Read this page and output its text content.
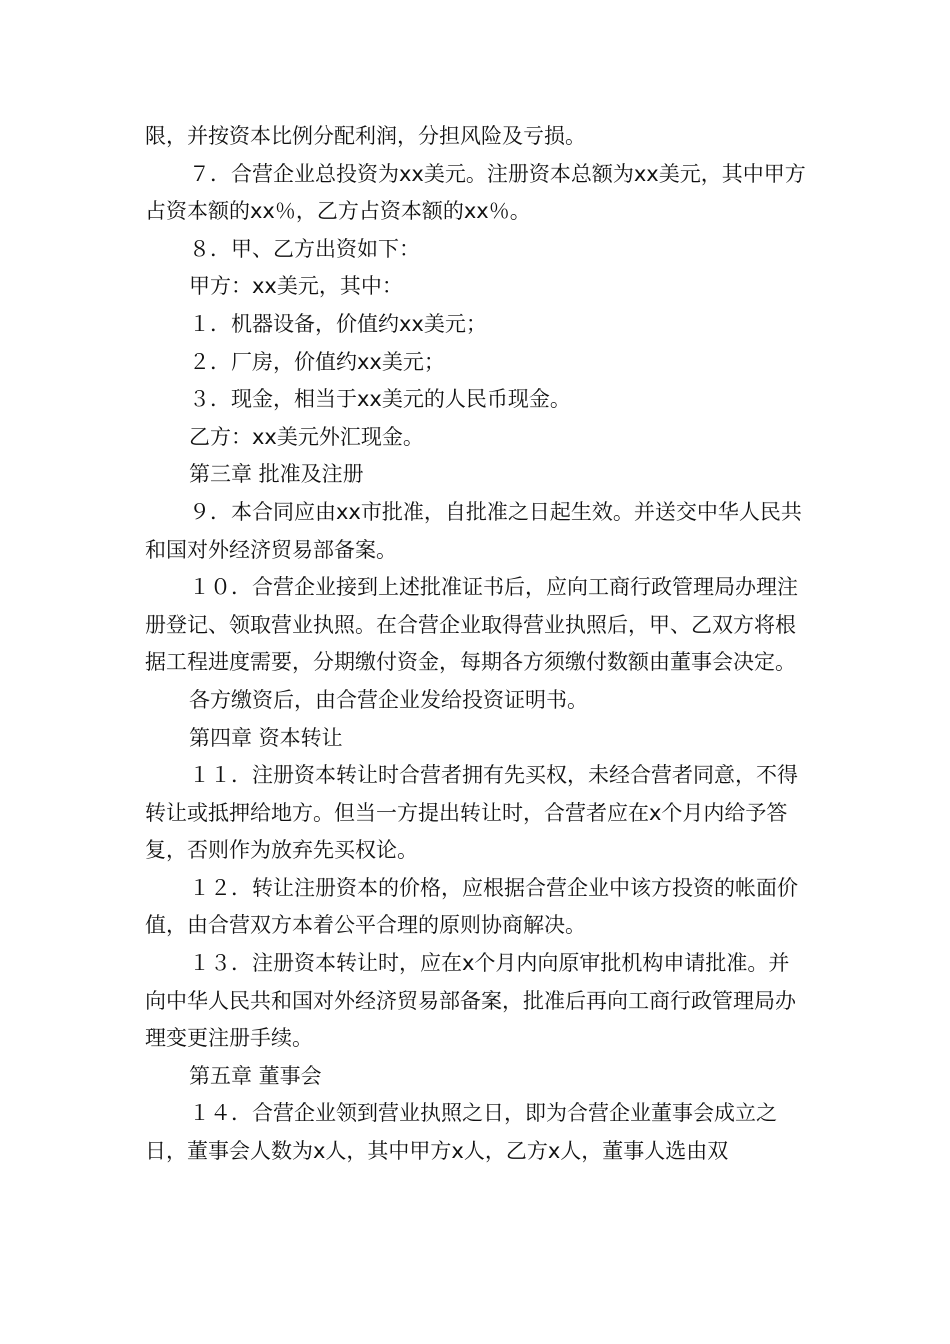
限，并按资本比例分配利润，分担风险及亏损。

７．合营企业总投资为xx美元。注册资本总额为xx美元，其中甲方占资本额的xx％，乙方占资本额的xx％。

８．甲、乙方出资如下：

甲方：xx美元，其中：

１．机器设备，价值约xx美元；

２．厂房，价值约xx美元；

３．现金，相当于xx美元的人民币现金。

乙方：xx美元外汇现金。

第三章 批准及注册

９．本合同应由xx市批准，自批准之日起生效。并送交中华人民共和国对外经济贸易部备案。

１０．合营企业接到上述批准证书后，应向工商行政管理局办理注册登记、领取营业执照。在合营企业取得营业执照后，甲、乙双方将根据工程进度需要，分期缴付资金，每期各方须缴付数额由董事会决定。

各方缴资后，由合营企业发给投资证明书。

第四章 资本转让

１１．注册资本转让时合营者拥有先买权，未经合营者同意，不得转让或抵押给地方。但当一方提出转让时，合营者应在x个月内给予答复，否则作为放弃先买权论。

１２．转让注册资本的价格，应根据合营企业中该方投资的帐面价值，由合营双方本着公平合理的原则协商解决。

１３．注册资本转让时，应在x个月内向原审批机构申请批准。并向中华人民共和国对外经济贸易部备案，批准后再向工商行政管理局办理变更注册手续。

第五章 董事会

１４．合营企业领到营业执照之日，即为合营企业董事会成立之日，董事会人数为x人，其中甲方x人，乙方x人，董事人选由双
